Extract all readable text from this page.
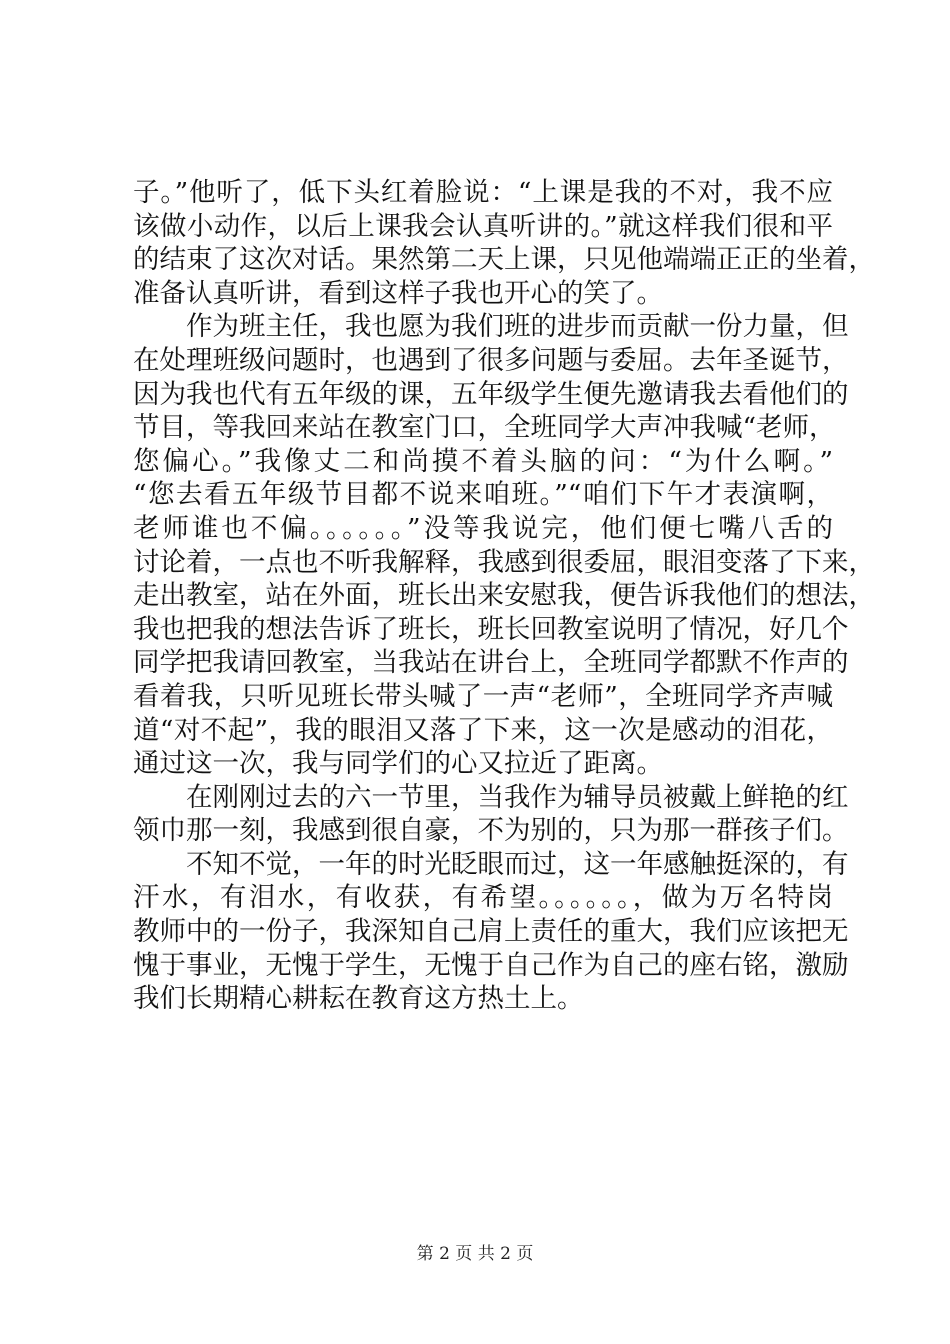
子。”他听了，低下头红着脸说：“上课是我的不对，我不应
该做小动作，以后上课我会认真听讲的。”就这样我们很和平
的结束了这次对话。果然第二天上课，只见他端端正正的坐着，
准备认真听讲，看到这样子我也开心的笑了。
　　作为班主任，我也愿为我们班的进步而贡献一份力量，但
在处理班级问题时，也遇到了很多问题与委屈。去年圣诞节，
因为我也代有五年级的课，五年级学生便先邀请我去看他们的
节目，等我回来站在教室门口，全班同学大声冲我喊“老师，
您偏心。”我像丈二和尚摸不着头脑的问：“为什么啊。”
“您去看五年级节目都不说来咱班。”“咱们下午才表演啊，
老师谁也不偏。。。。。。”没等我说完，他们便七嘴八舌的
讨论着，一点也不听我解释，我感到很委屈，眼泪变落了下来，
走出教室，站在外面，班长出来安慰我，便告诉我他们的想法，
我也把我的想法告诉了班长，班长回教室说明了情况，好几个
同学把我请回教室，当我站在讲台上，全班同学都默不作声的
看着我，只听见班长带头喊了一声“老师”，全班同学齐声喊
道“对不起”，我的眼泪又落了下来，这一次是感动的泪花，
通过这一次，我与同学们的心又拉近了距离。
　　在刚刚过去的六一节里，当我作为辅导员被戴上鲜艳的红
领巾那一刻，我感到很自豪，不为别的，只为那一群孩子们。
　　不知不觉，一年的时光眨眼而过，这一年感触挺深的，有
汗水，有泪水，有收获，有希望。。。。。。，做为万名特岗
教师中的一份子，我深知自己肩上责任的重大，我们应该把无
愧于事业，无愧于学生，无愧于自己作为自己的座右铭，激励
我们长期精心耕耘在教育这方热土上。
第 2 页 共 2 页
